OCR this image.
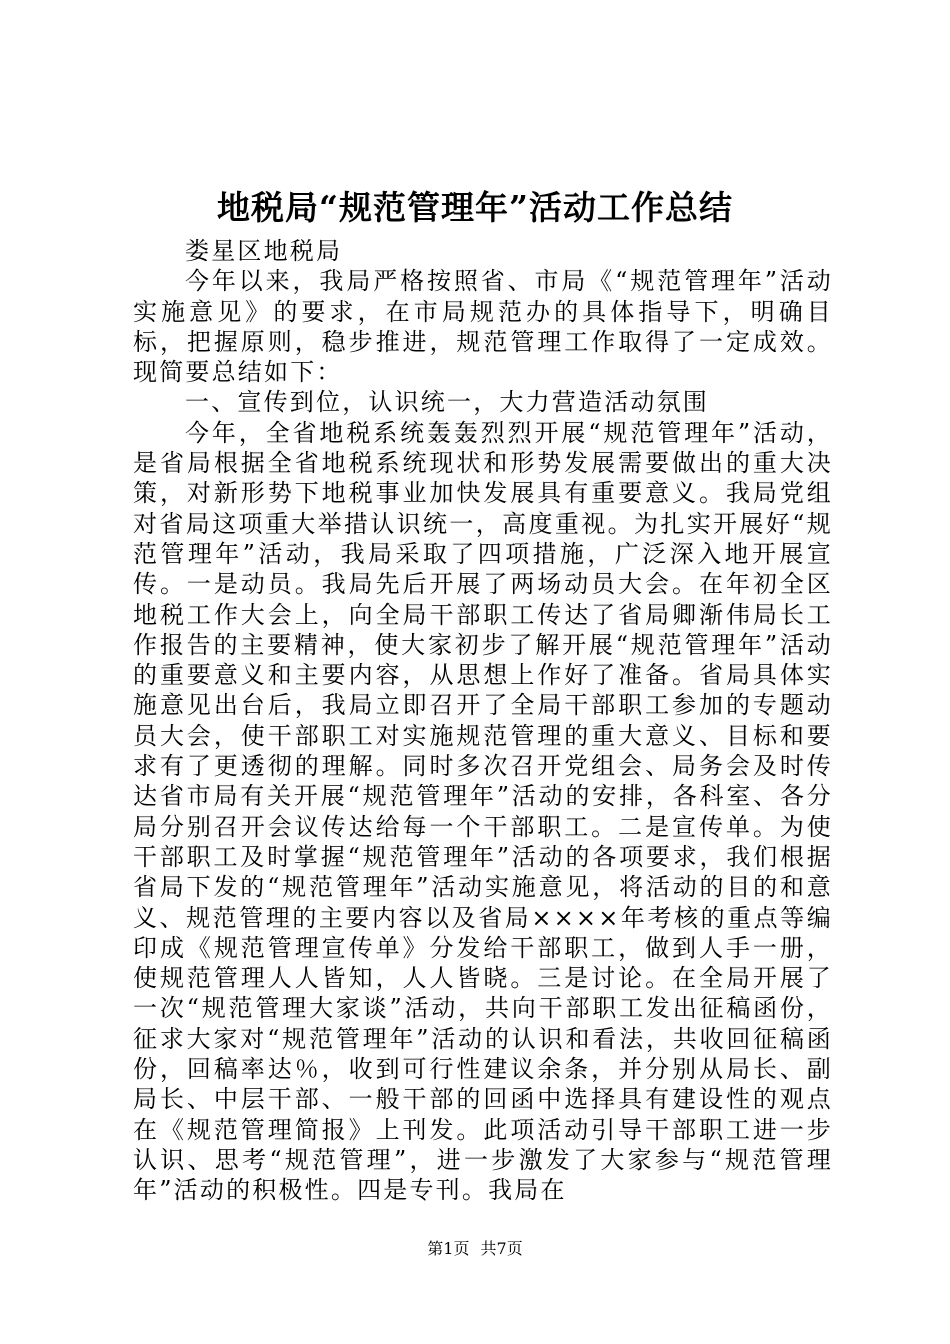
地税局“规范管理年”活动工作总结

娄星区地税局

今年以来，我局严格按照省、市局《“规范管理年”活动实施意见》的要求，在市局规范办的具体指导下，明确目标，把握原则，稳步推进，规范管理工作取得了一定成效。现简要总结如下：

一、宣传到位，认识统一，大力营造活动氛围

今年，全省地税系统轰轰烈烈开展“规范管理年”活动，是省局根据全省地税系统现状和形势发展需要做出的重大决策，对新形势下地税事业加快发展具有重要意义。我局党组对省局这项重大举措认识统一，高度重视。为扎实开展好“规范管理年”活动，我局采取了四项措施，广泛深入地开展宣传。一是动员。我局先后开展了两场动员大会。在年初全区地税工作大会上，向全局干部职工传达了省局卿渐伟局长工作报告的主要精神，使大家初步了解开展“规范管理年”活动的重要意义和主要内容，从思想上作好了准备。省局具体实施意见出台后，我局立即召开了全局干部职工参加的专题动员大会，使干部职工对实施规范管理的重大意义、目标和要求有了更透彻的理解。同时多次召开党组会、局务会及时传达省市局有关开展“规范管理年”活动的安排，各科室、各分局分别召开会议传达给每一个干部职工。二是宣传单。为使干部职工及时掌握“规范管理年”活动的各项要求，我们根据省局下发的“规范管理年”活动实施意见，将活动的目的和意义、规范管理的主要内容以及省局××××年考核的重点等编印成《规范管理宣传单》分发给干部职工，做到人手一册，使规范管理人人皆知，人人皆晓。三是讨论。在全局开展了一次“规范管理大家谈”活动，共向干部职工发出征稿函份，征求大家对“规范管理年”活动的认识和看法，共收回征稿函份，回稿率达％，收到可行性建议余条，并分别从局长、副局长、中层干部、一般干部的回函中选择具有建设性的观点在《规范管理简报》上刊发。此项活动引导干部职工进一步认识、思考“规范管理”，进一步激发了大家参与“规范管理年”活动的积极性。四是专刊。我局在

第1页 共7页
